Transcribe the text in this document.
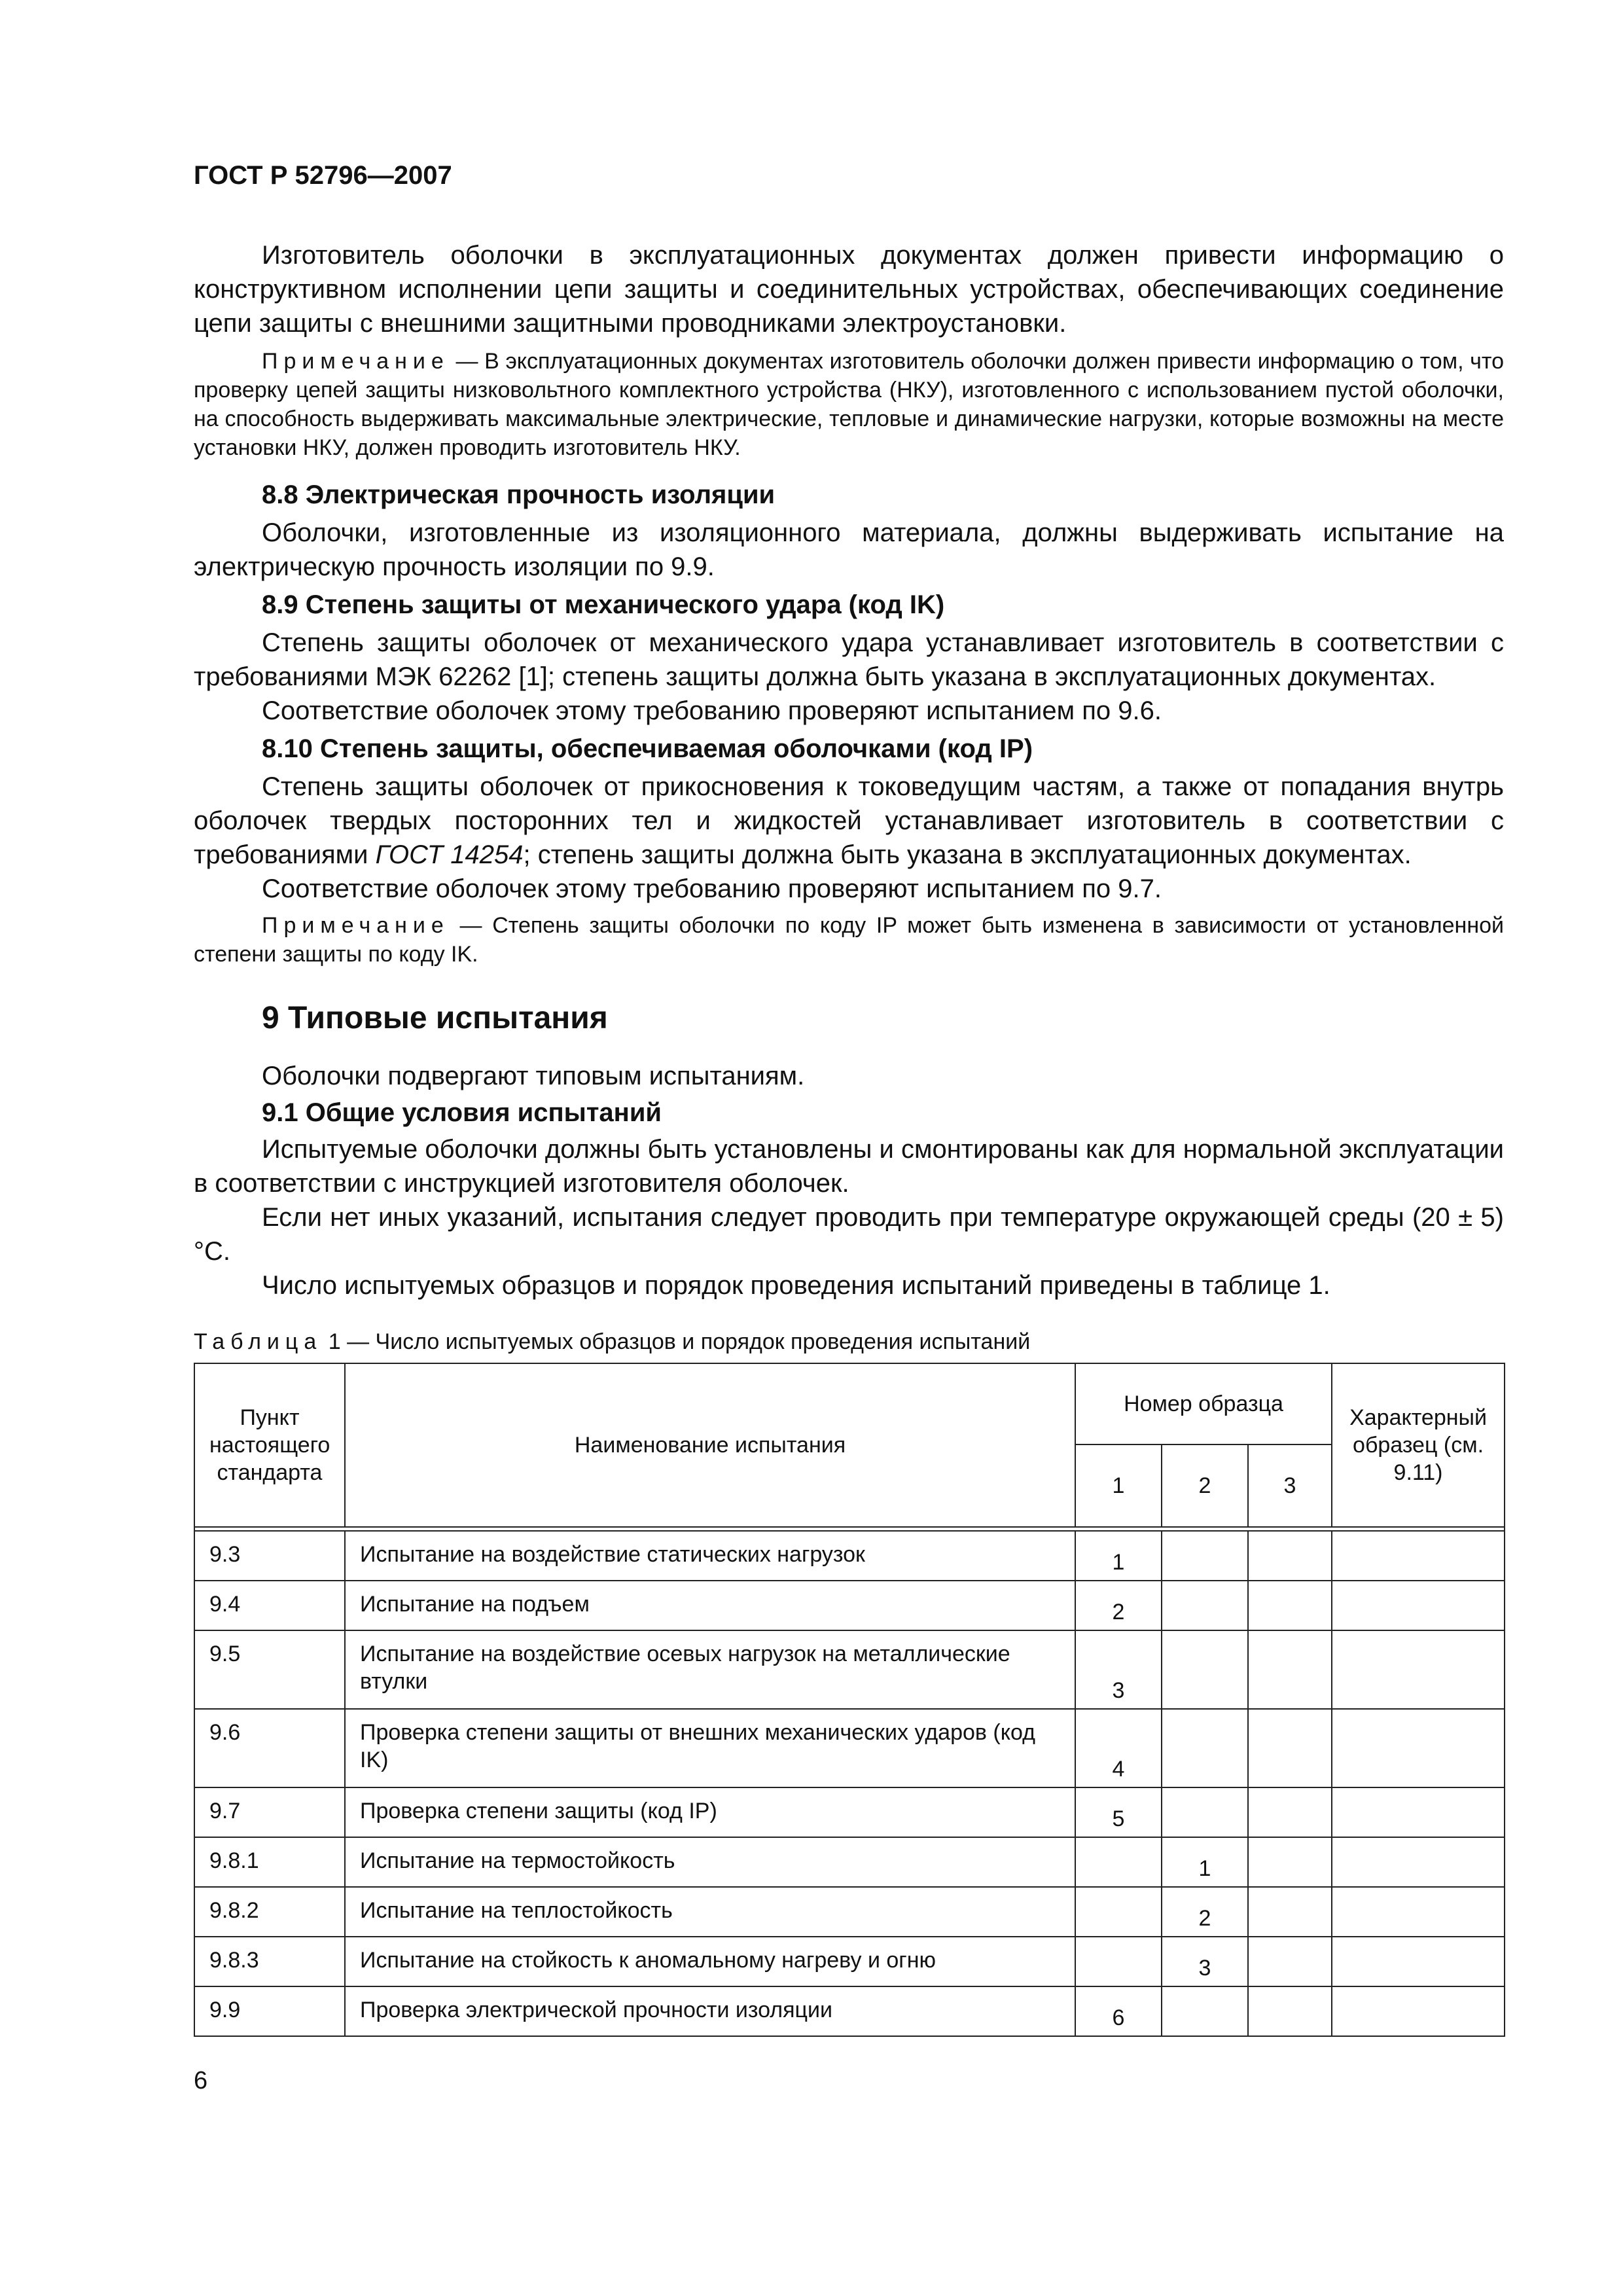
ГОСТ Р 52796—2007

Изготовитель оболочки в эксплуатационных документах должен привести информацию о конструктивном исполнении цепи защиты и соединительных устройствах, обеспечивающих соединение цепи защиты с внешними защитными проводниками электроустановки.

Примечание — В эксплуатационных документах изготовитель оболочки должен привести информацию о том, что проверку цепей защиты низковольтного комплектного устройства (НКУ), изготовленного с использованием пустой оболочки, на способность выдерживать максимальные электрические, тепловые и динамические нагрузки, которые возможны на месте установки НКУ, должен проводить изготовитель НКУ.

8.8 Электрическая прочность изоляции

Оболочки, изготовленные из изоляционного материала, должны выдерживать испытание на электрическую прочность изоляции по 9.9.

8.9 Степень защиты от механического удара (код IK)

Степень защиты оболочек от механического удара устанавливает изготовитель в соответствии с требованиями МЭК 62262 [1]; степень защиты должна быть указана в эксплуатационных документах.

Соответствие оболочек этому требованию проверяют испытанием по 9.6.

8.10 Степень защиты, обеспечиваемая оболочками (код IP)

Степень защиты оболочек от прикосновения к токоведущим частям, а также от попадания внутрь оболочек твердых посторонних тел и жидкостей устанавливает изготовитель в соответствии с требованиями ГОСТ 14254; степень защиты должна быть указана в эксплуатационных документах.

Соответствие оболочек этому требованию проверяют испытанием по 9.7.

Примечание — Степень защиты оболочки по коду IP может быть изменена в зависимости от установленной степени защиты по коду IK.

9 Типовые испытания

Оболочки подвергают типовым испытаниям.

9.1 Общие условия испытаний

Испытуемые оболочки должны быть установлены и смонтированы как для нормальной эксплуатации в соответствии с инструкцией изготовителя оболочек.

Если нет иных указаний, испытания следует проводить при температуре окружающей среды (20 ± 5) °С.

Число испытуемых образцов и порядок проведения испытаний приведены в таблице 1.

Таблица 1 — Число испытуемых образцов и порядок проведения испытаний
Пункт настоящего стандарта	Наименование испытания	Номер образца			Характерный образец (см. 9.11)
		1	2	3	

9.3	Испытание на воздействие статических нагрузок	1			
9.4	Испытание на подъем	2			
9.5	Испытание на воздействие осевых нагрузок на металлические втулки	3			
9.6	Проверка степени защиты от внешних механических ударов (код IK)	4			
9.7	Проверка степени защиты (код IP)	5			
9.8.1	Испытание на термостойкость		1		
9.8.2	Испытание на теплостойкость		2		
9.8.3	Испытание на стойкость к аномальному нагреву и огню		3		
9.9	Проверка электрической прочности изоляции	6			
6
